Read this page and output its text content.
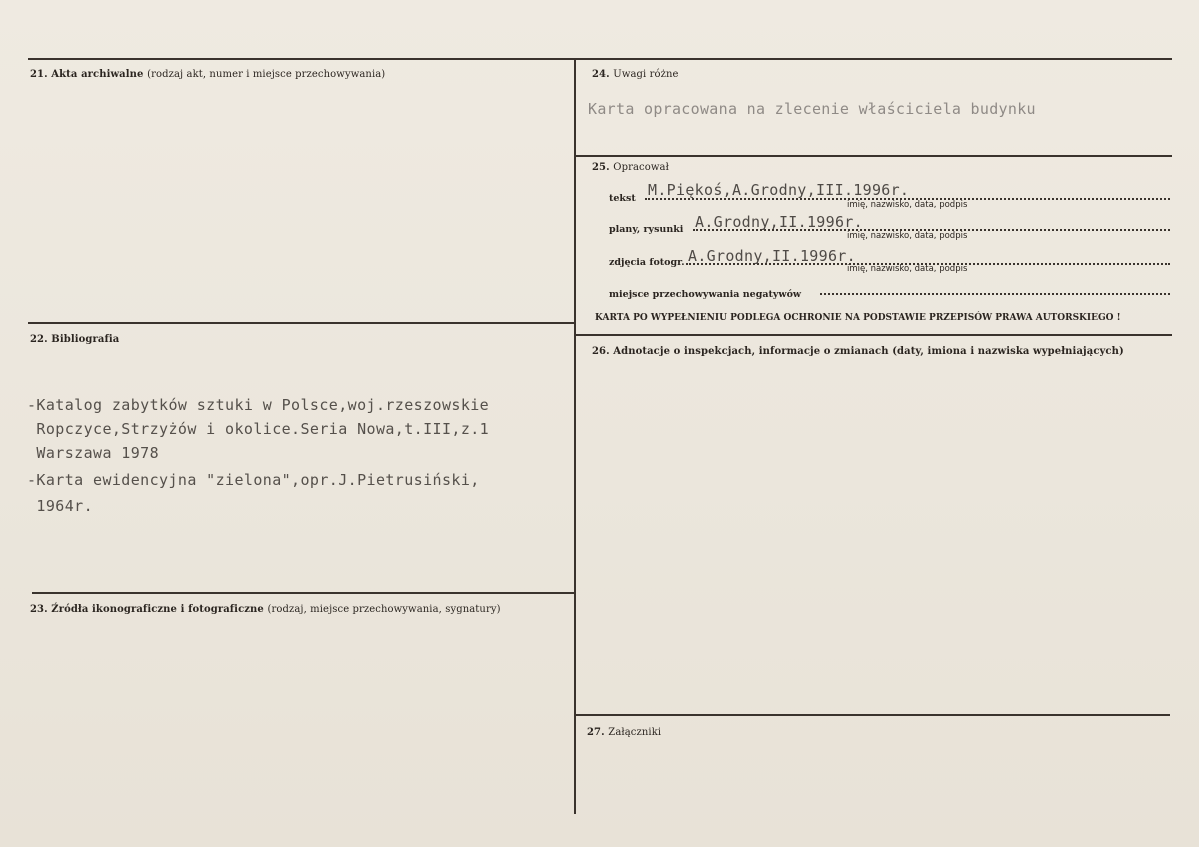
21. Akta archiwalne (rodzaj akt, numer i miejsce przechowywania)	24. Uwagi różne
Karta opracowana na zlecenie właściciela budynku
25. Opracował
tekst M.Piękoś,A.Grodny,III.1996r.
imię, nazwisko, data, podpis
plany, rysunki A.Grodny,II.1996r.
imię, nazwisko, data, podpis
zdjęcia fotogr. A.Grodny,II.1996r.
imię, nazwisko, data, podpis
miejsce przechowywania negatywów
KARTA PO WYPEŁNIENIU PODLEGA OCHRONIE NA PODSTAWIE PRZEPISÓW PRAWA AUTORSKIEGO !
22. Bibliografia
-Katalog zabytków sztuki w Polsce,woj.rzeszowskie
Ropczyce,Strzyżów i okolice.Seria Nowa,t.III,z.1
Warszawa 1978
-Karta ewidencyjna "zielona",opr.J.Pietrusiński,
1964r.
26. Adnotacje o inspekcjach, informacje o zmianach (daty, imiona i nazwiska wypełniających)
23. Źródła ikonograficzne i fotograficzne (rodzaj, miejsce przechowywania, sygnatury)
27. Załączniki
